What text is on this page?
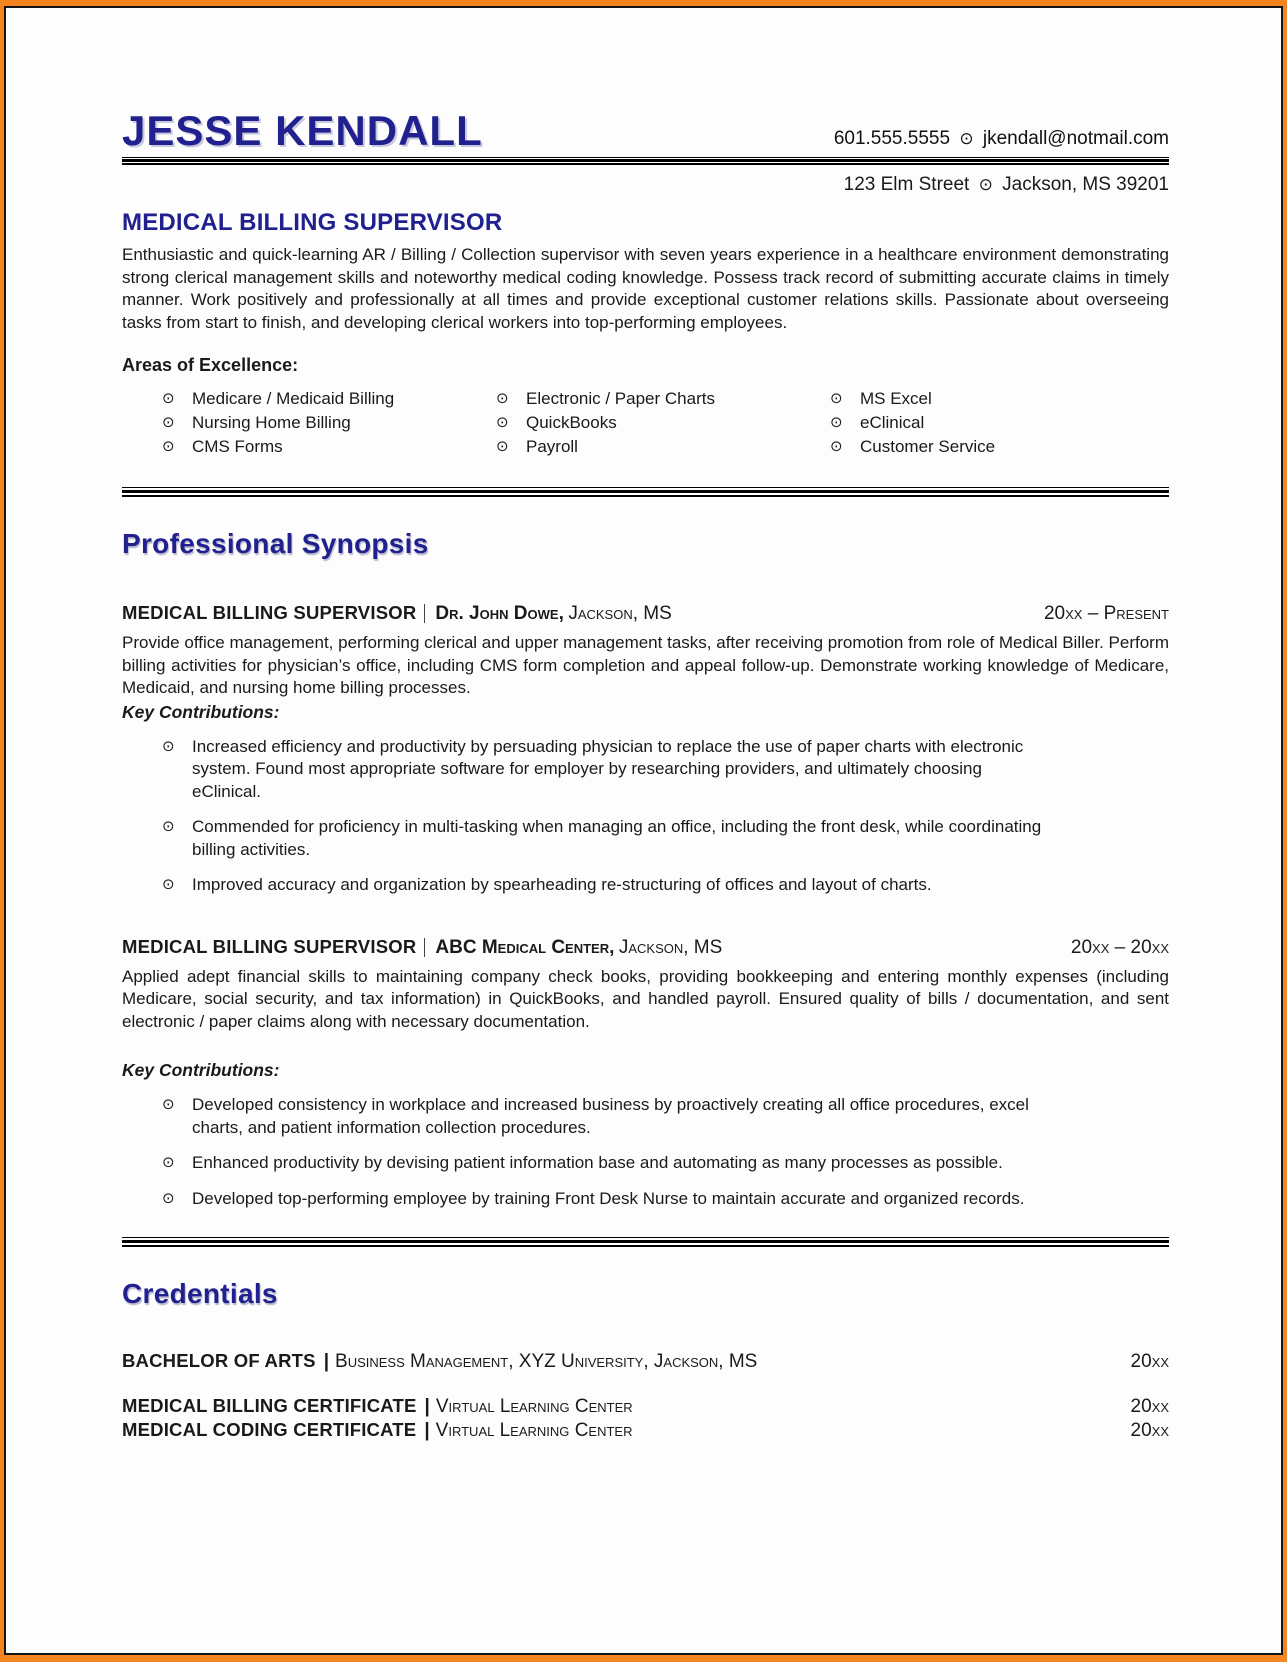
JESSE KENDALL	601.555.5555 ⊙ jkendall@notmail.com
123 Elm Street ⊙ Jackson, MS 39201
MEDICAL BILLING SUPERVISOR
Enthusiastic and quick-learning AR / Billing / Collection supervisor with seven years experience in a healthcare environment demonstrating strong clerical management skills and noteworthy medical coding knowledge. Possess track record of submitting accurate claims in timely manner. Work positively and professionally at all times and provide exceptional customer relations skills. Passionate about overseeing tasks from start to finish, and developing clerical workers into top-performing employees.
Areas of Excellence:
⊙	Medicare / Medicaid Billing	⊙	Electronic / Paper Charts	⊙	MS Excel
⊙	Nursing Home Billing	⊙	QuickBooks	⊙	eClinical
⊙	CMS Forms	⊙	Payroll	⊙	Customer Service
Professional Synopsis
MEDICAL BILLING SUPERVISOR Dr. John Dowe, Jackson, MS	20xx – Present
Provide office management, performing clerical and upper management tasks, after receiving promotion from role of Medical Biller. Perform billing activities for physician’s office, including CMS form completion and appeal follow-up. Demonstrate working knowledge of Medicare, Medicaid, and nursing home billing processes.
Key Contributions:
⊙	Increased efficiency and productivity by persuading physician to replace the use of paper charts with electronic system. Found most appropriate software for employer by researching providers, and ultimately choosing eClinical.
⊙	Commended for proficiency in multi-tasking when managing an office, including the front desk, while coordinating billing activities.
⊙	Improved accuracy and organization by spearheading re-structuring of offices and layout of charts.
MEDICAL BILLING SUPERVISOR ABC Medical Center, Jackson, MS	20xx – 20xx
Applied adept financial skills to maintaining company check books, providing bookkeeping and entering monthly expenses (including Medicare, social security, and tax information) in QuickBooks, and handled payroll. Ensured quality of bills / documentation, and sent electronic / paper claims along with necessary documentation.
Key Contributions:
⊙	Developed consistency in workplace and increased business by proactively creating all office procedures, excel charts, and patient information collection procedures.
⊙	Enhanced productivity by devising patient information base and automating as many processes as possible.
⊙	Developed top-performing employee by training Front Desk Nurse to maintain accurate and organized records.
Credentials
BACHELOR OF ARTS | Business Management, XYZ University, Jackson, MS	20xx
MEDICAL BILLING CERTIFICATE | Virtual Learning Center	20xx
MEDICAL CODING CERTIFICATE | Virtual Learning Center	20xx
